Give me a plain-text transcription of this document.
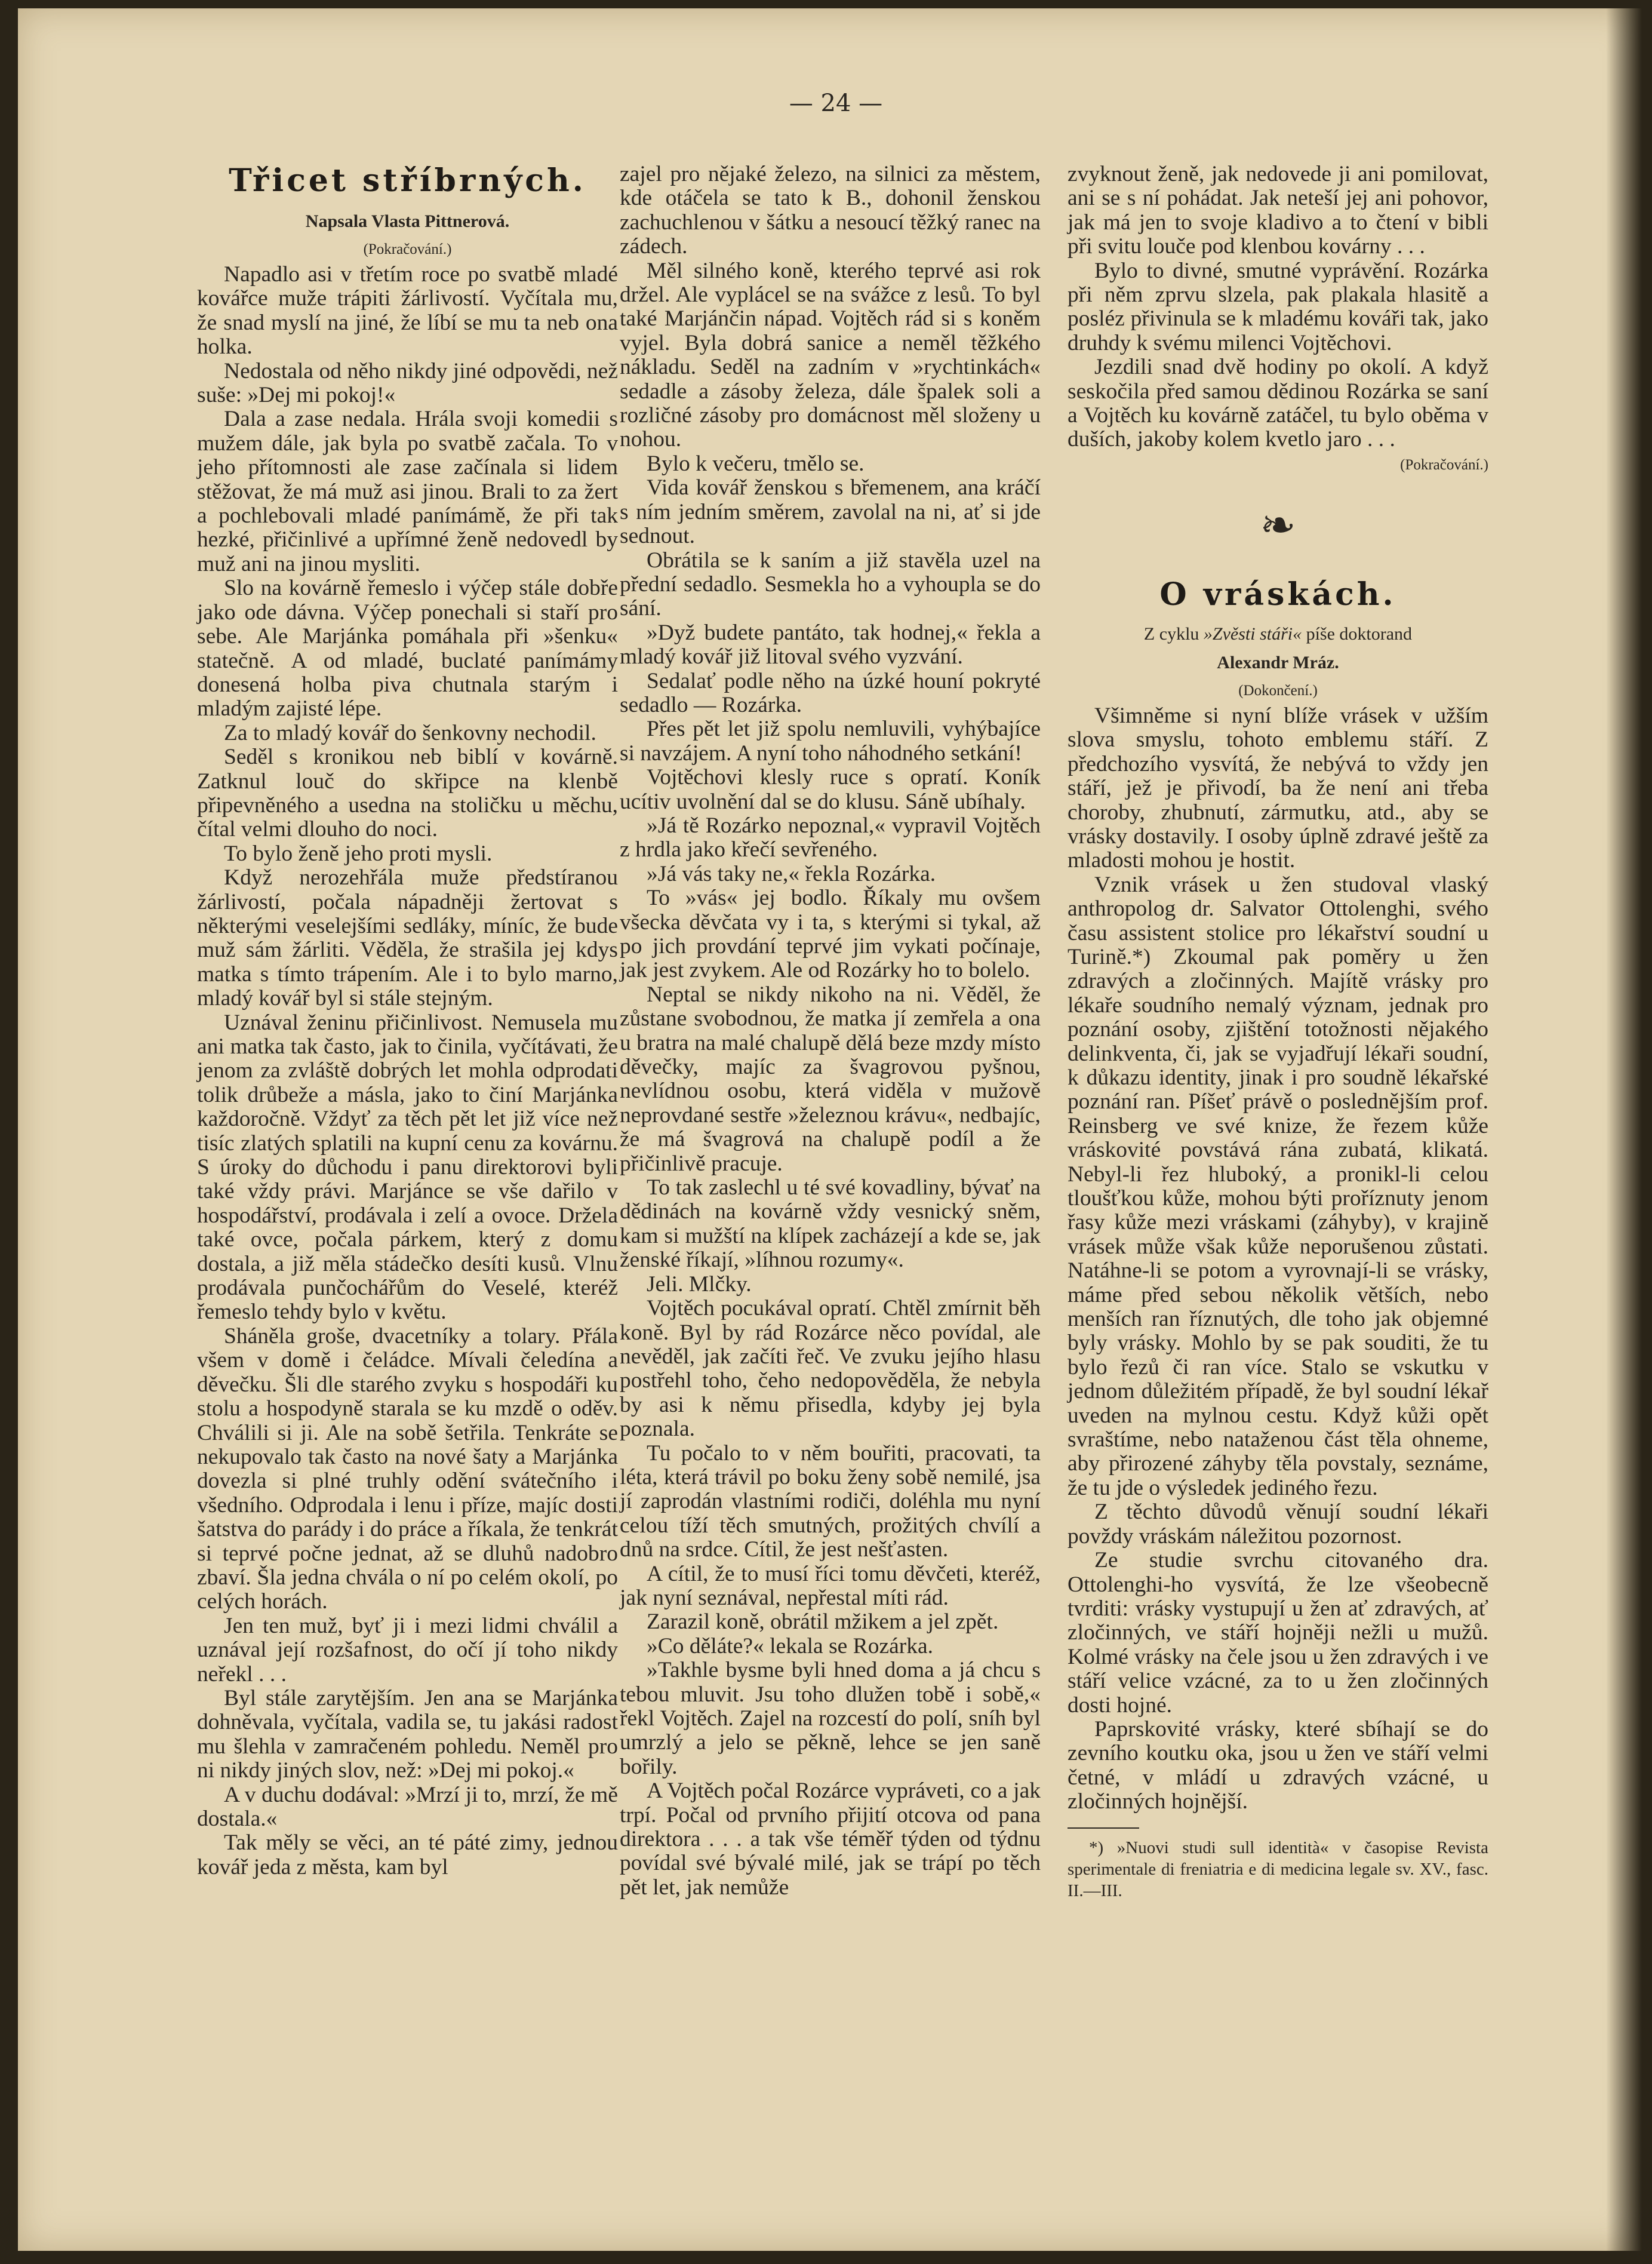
— 24 —
Třicet stříbrných.

Napsala Vlasta Pittnerová.

(Pokračování.)

Napadlo asi v třetím roce po svatbě mladé kovářce muže trápiti žárlivostí. Vyčítala mu, že snad myslí na jiné, že líbí se mu ta neb ona holka.

Nedostala od něho nikdy jiné odpovědi, než suše: »Dej mi pokoj!«

Dala a zase nedala. Hrála svoji komedii s mužem dále, jak byla po svatbě začala. To v jeho přítomnosti ale zase začínala si lidem stěžovat, že má muž asi jinou. Brali to za žert a pochlebovali mladé panímámě, že při tak hezké, přičinlivé a upřímné ženě nedovedl by muž ani na jinou mysliti.

Slo na kovárně řemeslo i výčep stále dobře jako ode dávna. Výčep ponechali si staří pro sebe. Ale Marjánka pomáhala při »šenku« statečně. A od mladé, buclaté panímámy donesená holba piva chutnala starým i mladým zajisté lépe.

Za to mladý kovář do šenkovny nechodil.

Seděl s kronikou neb biblí v kovárně. Zatknul louč do skřipce na klenbě připevněného a usedna na stoličku u měchu, čítal velmi dlouho do noci.

To bylo ženě jeho proti mysli.

Když nerozehřála muže předstíranou žárlivostí, počala nápadněji žertovat s některými veselejšími sedláky, míníc, že bude muž sám žárliti. Věděla, že strašila jej kdys matka s tímto trápením. Ale i to bylo marno, mladý kovář byl si stále stejným.

Uznával ženinu přičinlivost. Nemusela mu ani matka tak často, jak to činila, vyčítávati, že jenom za zvláště dobrých let mohla odprodati tolik drůbeže a másla, jako to činí Marjánka každoročně. Vždyť za těch pět let již více než tisíc zlatých splatili na kupní cenu za kovárnu. S úroky do důchodu i panu direktorovi byli také vždy právi. Marjánce se vše dařilo v hospodářství, prodávala i zelí a ovoce. Držela také ovce, počala párkem, který z domu dostala, a již měla stádečko desíti kusů. Vlnu prodávala punčochářům do Veselé, kteréž řemeslo tehdy bylo v květu.

Sháněla groše, dvacetníky a tolary. Přála všem v domě i čeládce. Mívali čeledína a děvečku. Šli dle starého zvyku s hospodáři ku stolu a hospodyně starala se ku mzdě o oděv. Chválili si ji. Ale na sobě šetřila. Tenkráte se nekupovalo tak často na nové šaty a Marjánka dovezla si plné truhly odění svátečního i všedního. Odprodala i lenu i příze, majíc dosti šatstva do parády i do práce a říkala, že tenkrát si teprvé počne jednat, až se dluhů nadobro zbaví. Šla jedna chvála o ní po celém okolí, po celých horách.

Jen ten muž, byť ji i mezi lidmi chválil a uznával její rozšafnost, do očí jí toho nikdy neřekl . . .

Byl stále zarytějším. Jen ana se Marjánka dohněvala, vyčítala, vadila se, tu jakási radost mu šlehla v zamračeném pohledu. Neměl pro ni nikdy jiných slov, než: »Dej mi pokoj.«

A v duchu dodával: »Mrzí ji to, mrzí, že mě dostala.«

Tak měly se věci, an té páté zimy, jednou kovář jeda z města, kam byl

zajel pro nějaké železo, na silnici za městem, kde otáčela se tato k B., dohonil ženskou zachuchlenou v šátku a nesoucí těžký ranec na zádech.

Měl silného koně, kterého teprvé asi rok držel. Ale vyplácel se na svážce z lesů. To byl také Marjánčin nápad. Vojtěch rád si s koněm vyjel. Byla dobrá sanice a neměl těžkého nákladu. Seděl na zadním v »rychtinkách« sedadle a zásoby železa, dále špalek soli a rozličné zásoby pro domácnost měl složeny u nohou.

Bylo k večeru, tmělo se.

Vida kovář ženskou s břemenem, ana kráčí s ním jedním směrem, zavolal na ni, ať si jde sednout.

Obrátila se k saním a již stavěla uzel na přední sedadlo. Sesmekla ho a vyhoupla se do sání.

»Dyž budete pantáto, tak hodnej,« řekla a mladý kovář již litoval svého vyzvání.

Sedalať podle něho na úzké houní pokryté sedadlo — Rozárka.

Přes pět let již spolu nemluvili, vyhýbajíce si navzájem. A nyní toho náhodného setkání!

Vojtěchovi klesly ruce s opratí. Koník ucítiv uvolnění dal se do klusu. Sáně ubíhaly.

»Já tě Rozárko nepoznal,« vypravil Vojtěch z hrdla jako křečí sevřeného.

»Já vás taky ne,« řekla Rozárka.

To »vás« jej bodlo. Říkaly mu ovšem všecka děvčata vy i ta, s kterými si tykal, až po jich provdání teprvé jim vykati počínaje, jak jest zvykem. Ale od Rozárky ho to bolelo.

Neptal se nikdy nikoho na ni. Věděl, že zůstane svobodnou, že matka jí zemřela a ona u bratra na malé chalupě dělá beze mzdy místo děvečky, majíc za švagrovou pyšnou, nevlídnou osobu, která viděla v mužově neprovdané sestře »železnou krávu«, nedbajíc, že má švagrová na chalupě podíl a že přičinlivě pracuje.

To tak zaslechl u té své kovadliny, bývať na dědinách na kovárně vždy vesnický sněm, kam si mužští na klípek zacházejí a kde se, jak ženské říkají, »líhnou rozumy«.

Jeli. Mlčky.

Vojtěch pocukával opratí. Chtěl zmírnit běh koně. Byl by rád Rozárce něco povídal, ale nevěděl, jak začíti řeč. Ve zvuku jejího hlasu postřehl toho, čeho nedopověděla, že nebyla by asi k němu přisedla, kdyby jej byla poznala.

Tu počalo to v něm bouřiti, pracovati, ta léta, která trávil po boku ženy sobě nemilé, jsa jí zaprodán vlastními rodiči, doléhla mu nyní celou tíží těch smutných, prožitých chvílí a dnů na srdce. Cítil, že jest nešťasten.

A cítil, že to musí říci tomu děvčeti, kteréž, jak nyní seznával, nepřestal míti rád.

Zarazil koně, obrátil mžikem a jel zpět.

»Co děláte?« lekala se Rozárka.

»Takhle bysme byli hned doma a já chcu s tebou mluvit. Jsu toho dlužen tobě i sobě,« řekl Vojtěch. Zajel na rozcestí do polí, sníh byl umrzlý a jelo se pěkně, lehce se jen saně bořily.

A Vojtěch počal Rozárce vypráveti, co a jak trpí. Počal od prvního přijití otcova od pana direktora . . . a tak vše téměř týden od týdnu povídal své bývalé milé, jak se trápí po těch pět let, jak nemůže

zvyknout ženě, jak nedovede ji ani pomilovat, ani se s ní pohádat. Jak neteší jej ani pohovor, jak má jen to svoje kladivo a to čtení v bibli při svitu louče pod klenbou kovárny . . .

Bylo to divné, smutné vyprávění. Rozárka při něm zprvu slzela, pak plakala hlasitě a posléz přivinula se k mladému kováři tak, jako druhdy k svému milenci Vojtěchovi.

Jezdili snad dvě hodiny po okolí. A když seskočila před samou dědinou Rozárka se saní a Vojtěch ku kovárně zatáčel, tu bylo oběma v duších, jakoby kolem kvetlo jaro . . .

(Pokračování.)

❧
O vráskách.

Z cyklu »Zvěsti stáři« píše doktorand

Alexandr Mráz.

(Dokončení.)

Všimněme si nyní blíže vrásek v užším slova smyslu, tohoto emblemu stáří. Z předchozího vysvítá, že nebývá to vždy jen stáří, jež je přivodí, ba že není ani třeba choroby, zhubnutí, zármutku, atd., aby se vrásky dostavily. I osoby úplně zdravé ještě za mladosti mohou je hostit.

Vznik vrásek u žen studoval vlaský anthropolog dr. Salvator Ottolenghi, svého času assistent stolice pro lékařství soudní u Turině.*) Zkoumal pak poměry u žen zdravých a zločinných. Majítě vrásky pro lékaře soudního nemalý význam, jednak pro poznání osoby, zjištění totožnosti nějakého delinkventa, či, jak se vyjadřují lékaři soudní, k důkazu identity, jinak i pro soudně lékařské poznání ran. Píšeť právě o poslednějším prof. Reinsberg ve své knize, že řezem kůže vráskovité povstává rána zubatá, klikatá. Nebyl-li řez hluboký, a pronikl-li celou tloušťkou kůže, mohou býti proříznuty jenom řasy kůže mezi vráskami (záhyby), v krajině vrásek může však kůže neporušenou zůstati. Natáhne-li se potom a vyrovnají-li se vrásky, máme před sebou několik větších, nebo menších ran říznutých, dle toho jak objemné byly vrásky. Mohlo by se pak souditi, že tu bylo řezů či ran více. Stalo se vskutku v jednom důležitém případě, že byl soudní lékař uveden na mylnou cestu. Když kůži opět svraštíme, nebo nataženou část těla ohneme, aby přirozené záhyby těla povstaly, seznáme, že tu jde o výsledek jediného řezu.

Z těchto důvodů věnují soudní lékaři povždy vráskám náležitou pozornost.

Ze studie svrchu citovaného dra. Ottolenghi-ho vysvítá, že lze všeobecně tvrditi: vrásky vystupují u žen ať zdravých, ať zločinných, ve stáří hojněji nežli u mužů. Kolmé vrásky na čele jsou u žen zdravých i ve stáří velice vzácné, za to u žen zločinných dosti hojné.

Paprskovité vrásky, které sbíhají se do zevního koutku oka, jsou u žen ve stáří velmi četné, v mládí u zdravých vzácné, u zločinných hojnější.

*) »Nuovi studi sull identità« v časopise Revista sperimentale di freniatria e di medicina legale sv. XV., fasc. II.—III.
